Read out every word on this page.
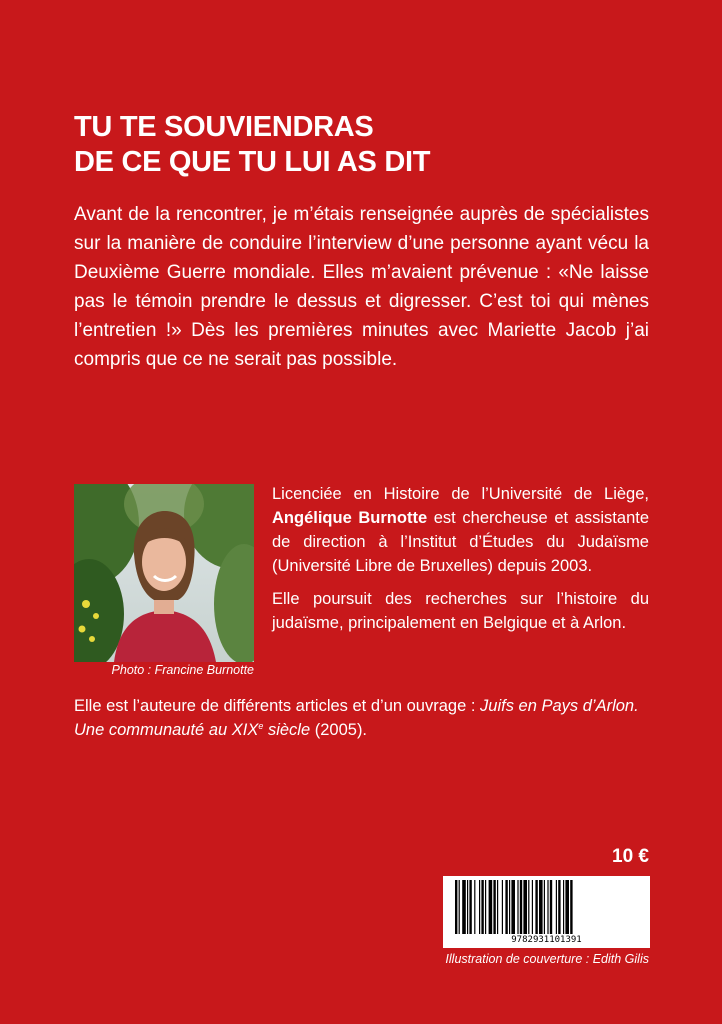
TU TE SOUVIENDRAS
DE CE QUE TU LUI AS DIT
Avant de la rencontrer, je m’étais renseignée auprès de spécialistes sur la manière de conduire l’interview d’une personne ayant vécu la Deuxième Guerre mondiale. Elles m’avaient prévenue : «Ne laisse pas le témoin prendre le dessus et digresser. C’est toi qui mènes l’entretien !» Dès les premières minutes avec Mariette Jacob j’ai compris que ce ne serait pas possible.
Photo : Francine Burnotte

Licenciée en Histoire de l’Université de Liège, Angélique Burnotte est chercheuse et assistante de direction à l’Institut d’Études du Judaïsme (Université Libre de Bruxelles) depuis 2003.

Elle poursuit des recherches sur l’histoire du judaïsme, principalement en Belgique et à Arlon.

Elle est l’auteure de différents articles et d’un ouvrage : Juifs en Pays d’Arlon. Une communauté au XIXe siècle (2005).

10 €
9782931101391
Illustration de couverture : Edith Gilis
